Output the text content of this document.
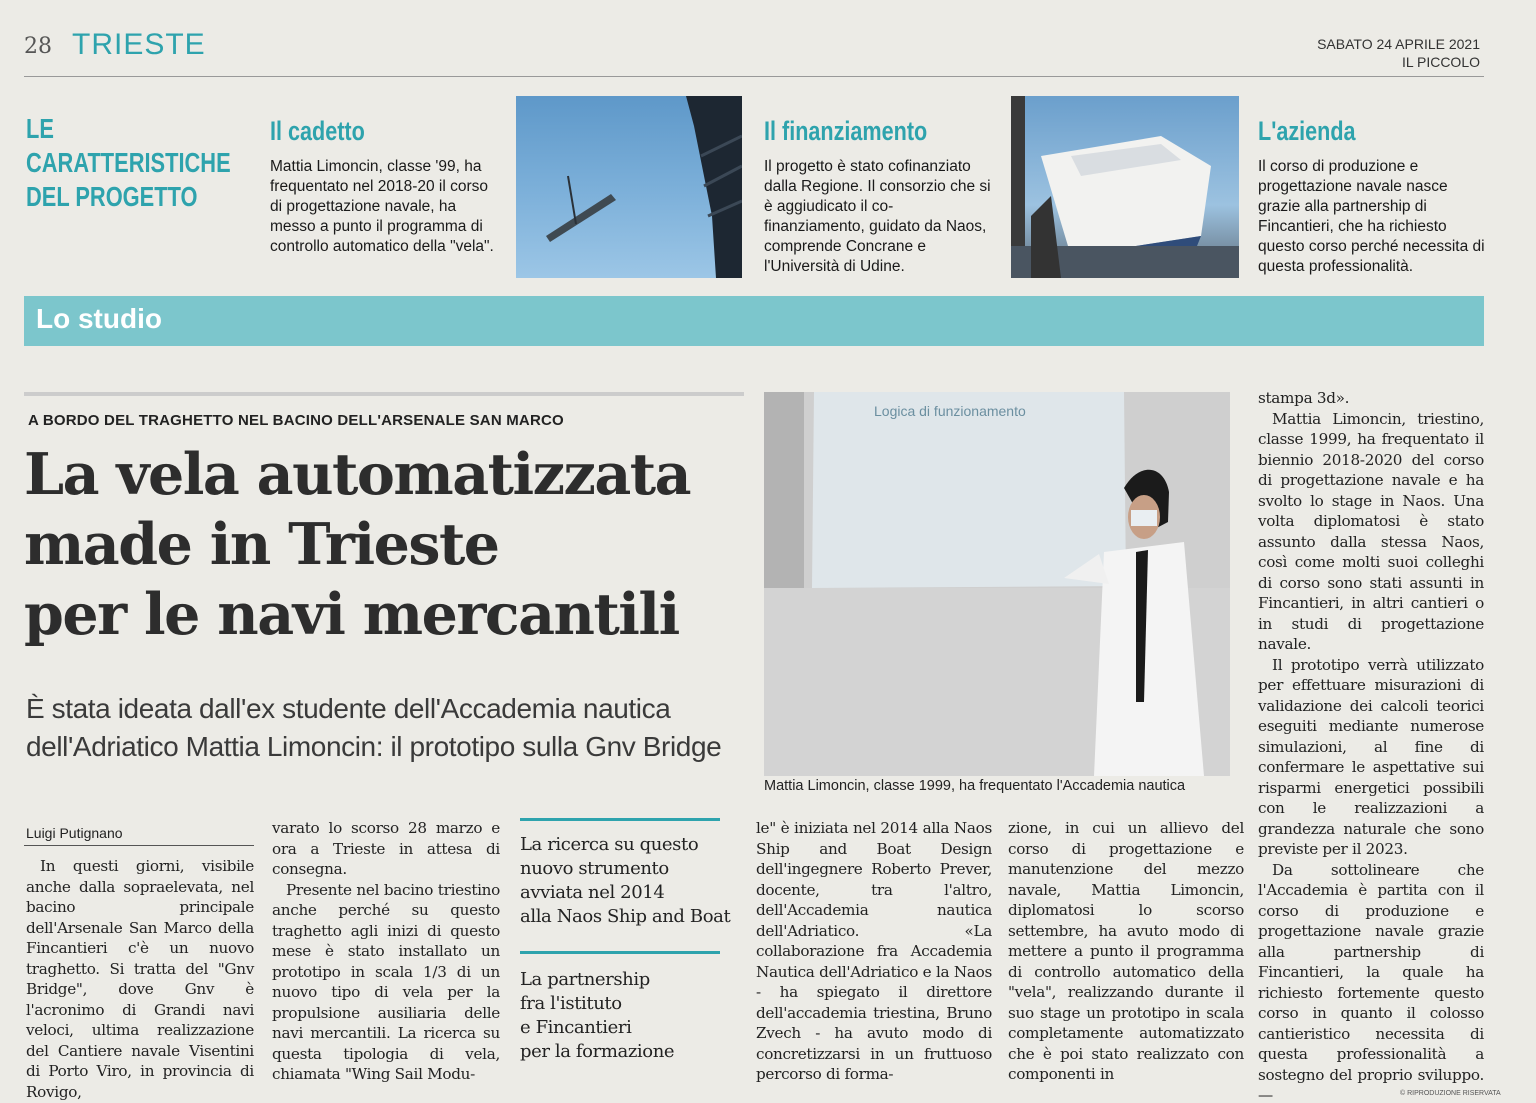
28 TRIESTE	SABATO 24 APRILE 2021
IL PICCOLO
LE CARATTERISTICHE
DEL PROGETTO
Il cadetto
Mattia Limoncin, classe '99, ha frequentato nel 2018-20 il corso di progettazione navale, ha messo a punto il programma di controllo automatico della "vela".
Il finanziamento
Il progetto è stato cofinanziato dalla Regione. Il consorzio che si è aggiudicato il co-finanziamento, guidato da Naos, comprende Concrane e l'Università di Udine.
L'azienda
Il corso di produzione e progettazione navale nasce grazie alla partnership di Fincantieri, che ha richiesto questo corso perché necessita di questa professionalità.
Lo studio
A BORDO DEL TRAGHETTO NEL BACINO DELL'ARSENALE SAN MARCO
La vela automatizzata
made in Trieste
per le navi mercantili
È stata ideata dall'ex studente dell'Accademia nautica
dell'Adriatico Mattia Limoncin: il prototipo sulla Gnv Bridge
Logica di funzionamento
Mattia Limoncin, classe 1999, ha frequentato l'Accademia nautica
Luigi Putignano

In questi giorni, visibile anche dalla sopraelevata, nel bacino principale dell'Arsenale San Marco della Fincantieri c'è un nuovo traghetto. Si tratta del "Gnv Bridge", dove Gnv è l'acronimo di Grandi navi veloci, ultima realizzazione del Cantiere navale Visentini di Porto Viro, in provincia di Rovigo,

varato lo scorso 28 marzo e ora a Trieste in attesa di consegna.

Presente nel bacino triestino anche perché su questo traghetto agli inizi di questo mese è stato installato un prototipo in scala 1/3 di un nuovo tipo di vela per la propulsione ausiliaria delle navi mercantili. La ricerca su questa tipologia di vela, chiamata "Wing Sail Modu-

La ricerca su questo
nuovo strumento
avviata nel 2014
alla Naos Ship and Boat
La partnership
fra l'istituto
e Fincantieri
per la formazione

le" è iniziata nel 2014 alla Naos Ship and Boat Design dell'ingegnere Roberto Prever, docente, tra l'altro, dell'Accademia nautica dell'Adriatico. «La collaborazione fra Accademia Nautica dell'Adriatico e la Naos - ha spiegato il direttore dell'accademia triestina, Bruno Zvech - ha avuto modo di concretizzarsi in un fruttuoso percorso di forma-

zione, in cui un allievo del corso di progettazione e manutenzione del mezzo navale, Mattia Limoncin, diplomatosi lo scorso settembre, ha avuto modo di mettere a punto il programma di controllo automatico della "vela", realizzando durante il suo stage un prototipo in scala completamente automatizzato che è poi stato realizzato con componenti in

stampa 3d».

Mattia Limoncin, triestino, classe 1999, ha frequentato il biennio 2018-2020 del corso di progettazione navale e ha svolto lo stage in Naos. Una volta diplomatosi è stato assunto dalla stessa Naos, così come molti suoi colleghi di corso sono stati assunti in Fincantieri, in altri cantieri o in studi di progettazione navale.

Il prototipo verrà utilizzato per effettuare misurazioni di validazione dei calcoli teorici eseguiti mediante numerose simulazioni, al fine di confermare le aspettative sui risparmi energetici possibili con le realizzazioni a grandezza naturale che sono previste per il 2023.

Da sottolineare che l'Accademia è partita con il corso di produzione e progettazione navale grazie alla partnership di Fincantieri, la quale ha richiesto fortemente questo corso in quanto il colosso cantieristico necessita di questa professionalità a sostegno del proprio sviluppo.—	© RIPRODUZIONE RISERVATA
